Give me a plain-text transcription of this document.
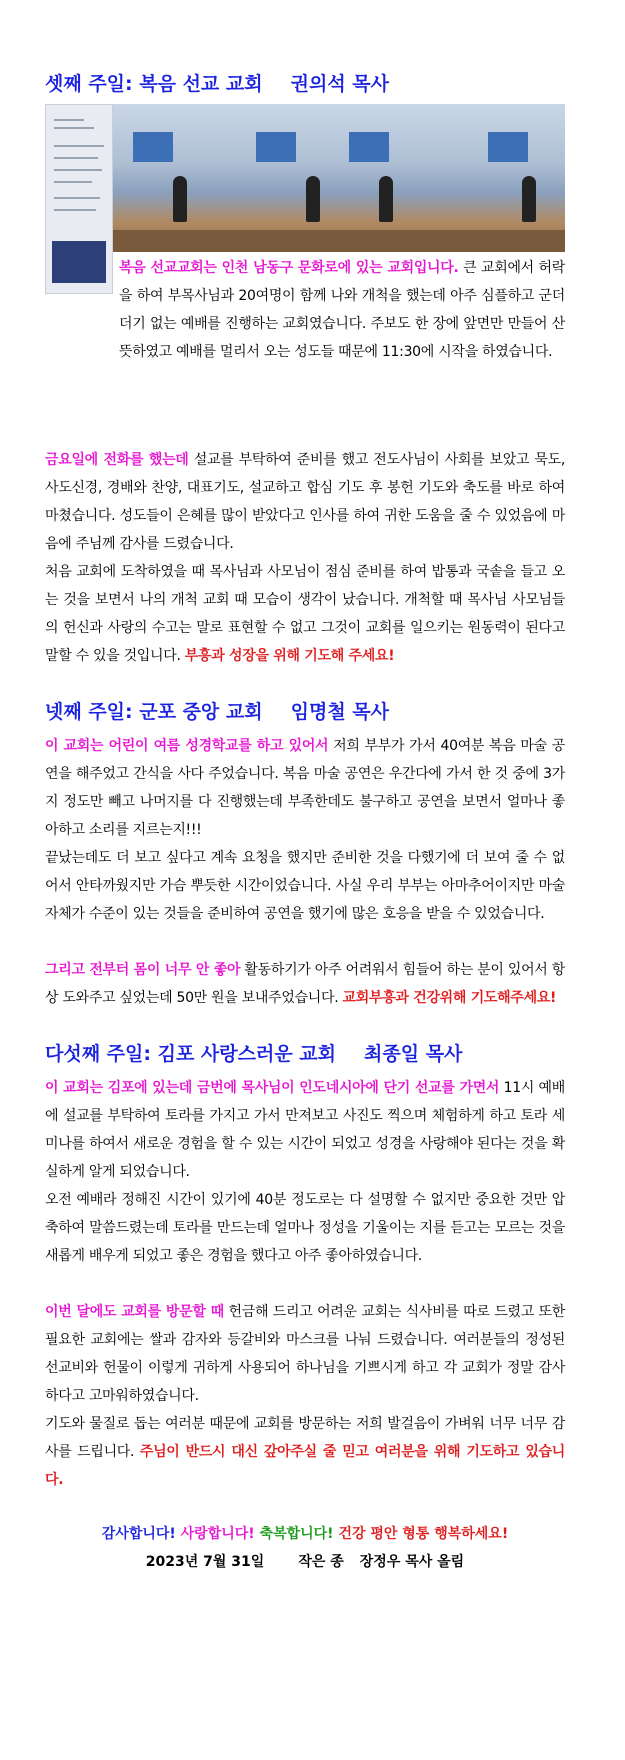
셋째 주일: 복음 선교 교회 권의석 목사

복음 선교교회는 인천 남동구 문화로에 있는 교회입니다. 큰 교회에서 허락을 하여 부목사님과 20여명이 함께 나와 개척을 했는데 아주 심플하고 군더더기 없는 예배를 진행하는 교회였습니다. 주보도 한 장에 앞면만 만들어 산뜻하였고 예배를 멀리서 오는 성도들 때문에 11:30에 시작을 하였습니다.

금요일에 전화를 했는데 설교를 부탁하여 준비를 했고 전도사님이 사회를 보았고 묵도, 사도신경, 경배와 찬양, 대표기도, 설교하고 합심 기도 후 봉헌 기도와 축도를 바로 하여 마쳤습니다. 성도들이 은혜를 많이 받았다고 인사를 하여 귀한 도움을 줄 수 있었음에 마음에 주님께 감사를 드렸습니다.

처음 교회에 도착하였을 때 목사님과 사모님이 점심 준비를 하여 밥통과 국솥을 들고 오는 것을 보면서 나의 개척 교회 때 모습이 생각이 났습니다. 개척할 때 목사님 사모님들의 헌신과 사랑의 수고는 말로 표현할 수 없고 그것이 교회를 일으키는 원동력이 된다고 말할 수 있을 것입니다. 부흥과 성장을 위해 기도해 주세요!

넷째 주일: 군포 중앙 교회 임명철 목사

이 교회는 어린이 여름 성경학교를 하고 있어서 저희 부부가 가서 40여분 복음 마술 공연을 해주었고 간식을 사다 주었습니다. 복음 마술 공연은 우간다에 가서 한 것 중에 3가지 정도만 빼고 나머지를 다 진행했는데 부족한데도 불구하고 공연을 보면서 얼마나 좋아하고 소리를 지르는지!!!

끝났는데도 더 보고 싶다고 계속 요청을 했지만 준비한 것을 다했기에 더 보여 줄 수 없어서 안타까웠지만 가슴 뿌듯한 시간이었습니다. 사실 우리 부부는 아마추어이지만 마술 자체가 수준이 있는 것들을 준비하여 공연을 했기에 많은 호응을 받을 수 있었습니다.

그리고 전부터 몸이 너무 안 좋아 활동하기가 아주 어려워서 힘들어 하는 분이 있어서 항상 도와주고 싶었는데 50만 원을 보내주었습니다. 교회부흥과 건강위해 기도해주세요!

다섯째 주일: 김포 사랑스러운 교회 최종일 목사

이 교회는 김포에 있는데 금번에 목사님이 인도네시아에 단기 선교를 가면서 11시 예배에 설교를 부탁하여 토라를 가지고 가서 만져보고 사진도 찍으며 체험하게 하고 토라 세미나를 하여서 새로운 경험을 할 수 있는 시간이 되었고 성경을 사랑해야 된다는 것을 확실하게 알게 되었습니다.

오전 예배라 정해진 시간이 있기에 40분 정도로는 다 설명할 수 없지만 중요한 것만 압축하여 말씀드렸는데 토라를 만드는데 얼마나 정성을 기울이는 지를 듣고는 모르는 것을 새롭게 배우게 되었고 좋은 경험을 했다고 아주 좋아하였습니다.

이번 달에도 교회를 방문할 때 헌금해 드리고 어려운 교회는 식사비를 따로 드렸고 또한 필요한 교회에는 쌀과 감자와 등갈비와 마스크를 나눠 드렸습니다. 여러분들의 정성된 선교비와 헌물이 이렇게 귀하게 사용되어 하나님을 기쁘시게 하고 각 교회가 정말 감사하다고 고마워하였습니다.

기도와 물질로 돕는 여러분 때문에 교회를 방문하는 저희 발걸음이 가벼워 너무 너무 감사를 드립니다. 주님이 반드시 대신 갚아주실 줄 믿고 여러분을 위해 기도하고 있습니다.

감사합니다! 사랑합니다! 축복합니다! 건강 평안 형통 행복하세요!
2023년 7월 31일 작은 종 장정우 목사 올림
